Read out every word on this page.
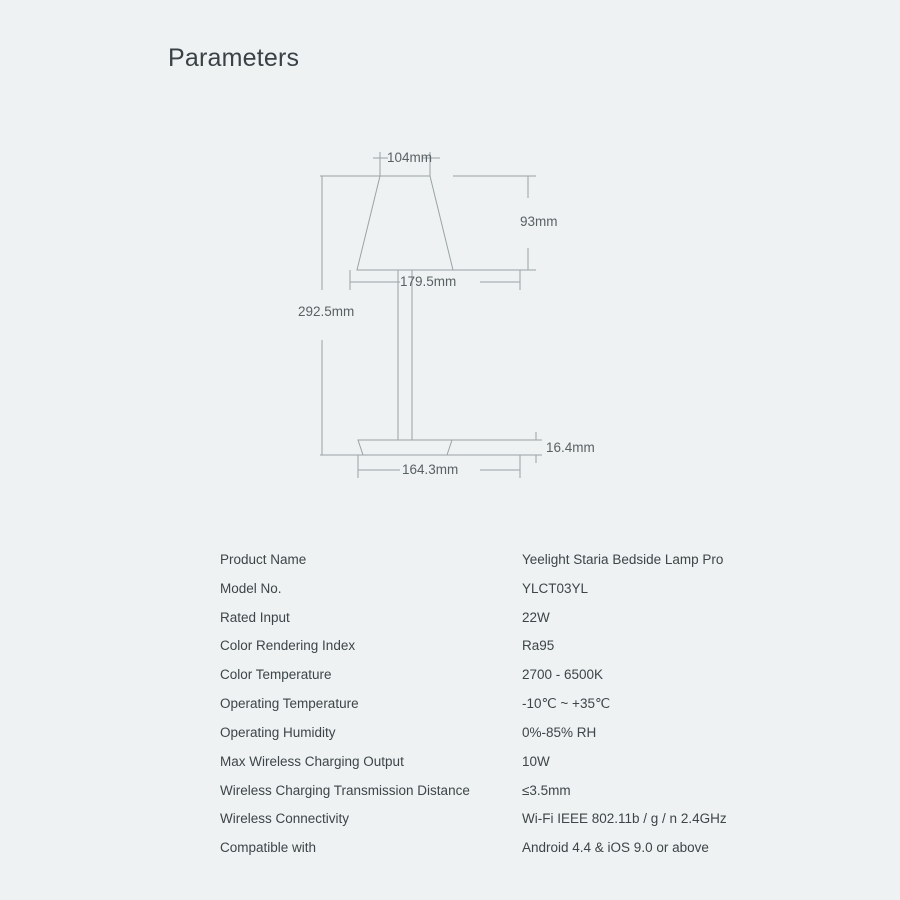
Parameters
104mm
93mm
179.5mm
292.5mm
16.4mm
164.3mm
Product Name	Yeelight Staria Bedside Lamp Pro
Model No.	YLCT03YL
Rated Input	22W
Color Rendering Index	Ra95
Color Temperature	2700 - 6500K
Operating Temperature	-10℃ ~ +35℃
Operating Humidity	0%-85% RH
Max Wireless Charging Output	10W
Wireless Charging Transmission Distance	≤3.5mm
Wireless Connectivity	Wi-Fi IEEE 802.11b / g / n 2.4GHz
Compatible with	Android 4.4 & iOS 9.0 or above
